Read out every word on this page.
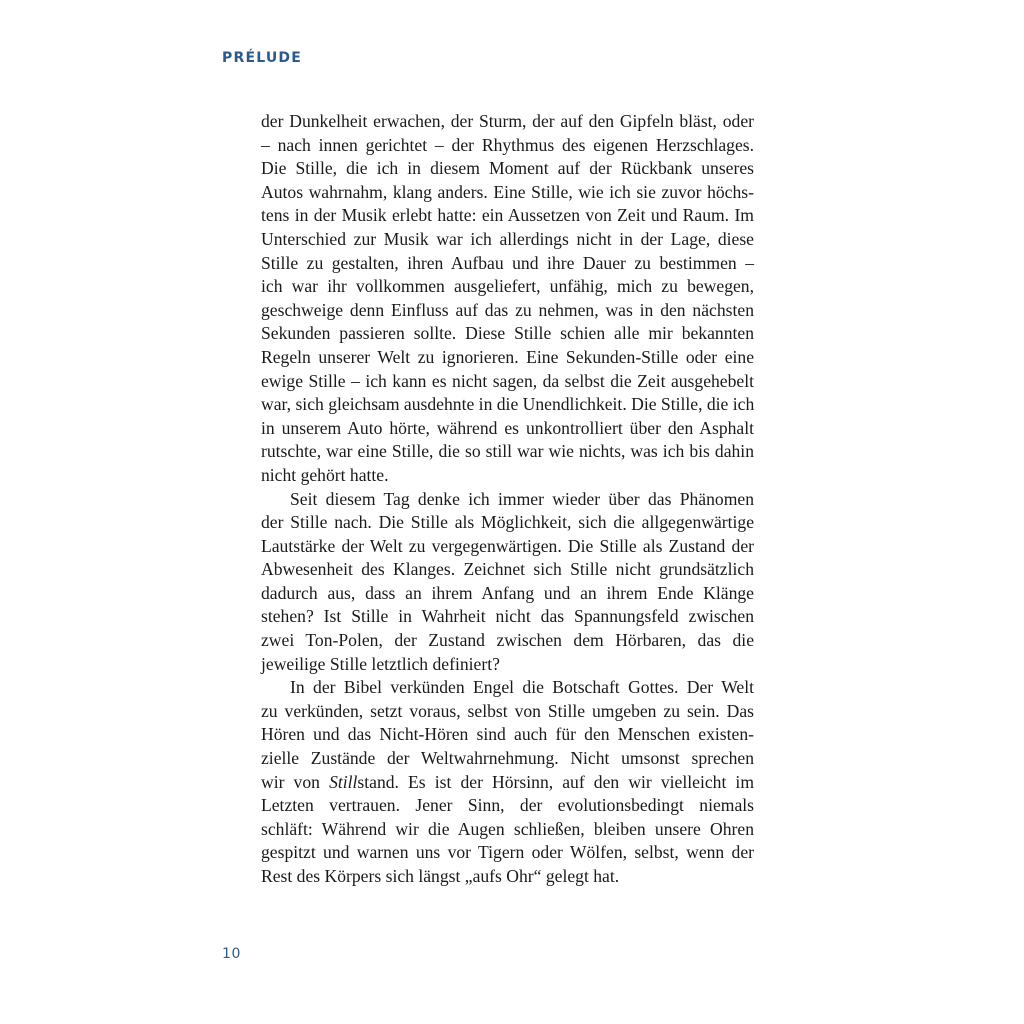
PRÉLUDE
der Dunkelheit erwachen, der Sturm, der auf den Gipfeln bläst, oder
– nach innen gerichtet – der Rhythmus des eigenen Herzschlages.
Die Stille, die ich in diesem Moment auf der Rückbank unseres
Autos wahrnahm, klang anders. Eine Stille, wie ich sie zuvor höchs-
tens in der Musik erlebt hatte: ein Aussetzen von Zeit und Raum. Im
Unterschied zur Musik war ich allerdings nicht in der Lage, diese
Stille zu gestalten, ihren Aufbau und ihre Dauer zu bestimmen –
ich war ihr vollkommen ausgeliefert, unfähig, mich zu bewegen,
geschweige denn Einfluss auf das zu nehmen, was in den nächsten
Sekunden passieren sollte. Diese Stille schien alle mir bekannten
Regeln unserer Welt zu ignorieren. Eine Sekunden-Stille oder eine
ewige Stille – ich kann es nicht sagen, da selbst die Zeit ausgehebelt
war, sich gleichsam ausdehnte in die Unendlichkeit. Die Stille, die ich
in unserem Auto hörte, während es unkontrolliert über den Asphalt
rutschte, war eine Stille, die so still war wie nichts, was ich bis dahin
nicht gehört hatte.
Seit diesem Tag denke ich immer wieder über das Phänomen
der Stille nach. Die Stille als Möglichkeit, sich die allgegenwärtige
Lautstärke der Welt zu vergegenwärtigen. Die Stille als Zustand der
Abwesenheit des Klanges. Zeichnet sich Stille nicht grundsätzlich
dadurch aus, dass an ihrem Anfang und an ihrem Ende Klänge
stehen? Ist Stille in Wahrheit nicht das Spannungsfeld zwischen
zwei Ton-Polen, der Zustand zwischen dem Hörbaren, das die
jeweilige Stille letztlich definiert?
In der Bibel verkünden Engel die Botschaft Gottes. Der Welt
zu verkünden, setzt voraus, selbst von Stille umgeben zu sein. Das
Hören und das Nicht-Hören sind auch für den Menschen existen-
zielle Zustände der Weltwahrnehmung. Nicht umsonst sprechen
wir von Stillstand. Es ist der Hörsinn, auf den wir vielleicht im
Letzten vertrauen. Jener Sinn, der evolutionsbedingt niemals
schläft: Während wir die Augen schließen, bleiben unsere Ohren
gespitzt und warnen uns vor Tigern oder Wölfen, selbst, wenn der
Rest des Körpers sich längst „aufs Ohr“ gelegt hat.
10
